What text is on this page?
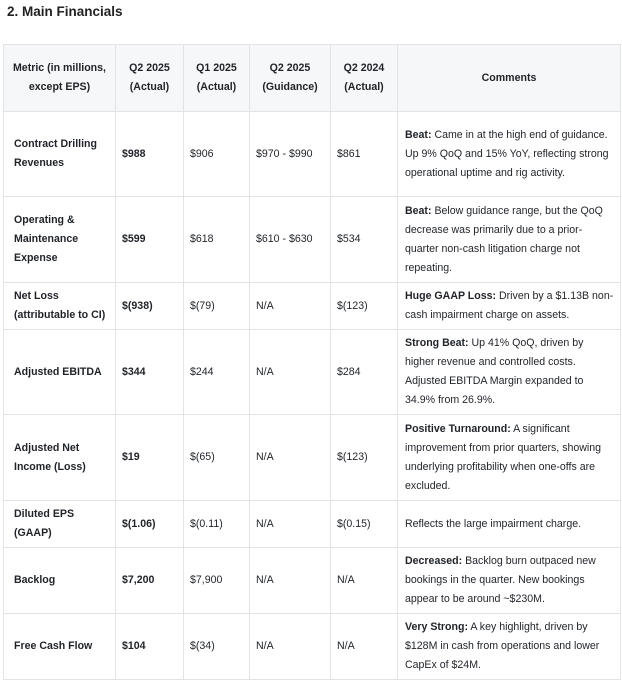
2. Main Financials
Metric (in millions, except EPS)	Q2 2025 (Actual)	Q1 2025 (Actual)	Q2 2025 (Guidance)	Q2 2024 (Actual)	Comments
Contract Drilling Revenues	$988	$906	$970 - $990	$861	Beat: Came in at the high end of guidance. Up 9% QoQ and 15% YoY, reflecting strong operational uptime and rig activity.
Operating & Maintenance Expense	$599	$618	$610 - $630	$534	Beat: Below guidance range, but the QoQ decrease was primarily due to a prior-quarter non-cash litigation charge not repeating.
Net Loss (attributable to CI)	$(938)	$(79)	N/A	$(123)	Huge GAAP Loss: Driven by a $1.13B non-cash impairment charge on assets.
Adjusted EBITDA	$344	$244	N/A	$284	Strong Beat: Up 41% QoQ, driven by higher revenue and controlled costs. Adjusted EBITDA Margin expanded to 34.9% from 26.9%.
Adjusted Net Income (Loss)	$19	$(65)	N/A	$(123)	Positive Turnaround: A significant improvement from prior quarters, showing underlying profitability when one-offs are excluded.
Diluted EPS (GAAP)	$(1.06)	$(0.11)	N/A	$(0.15)	Reflects the large impairment charge.
Backlog	$7,200	$7,900	N/A	N/A	Decreased: Backlog burn outpaced new bookings in the quarter. New bookings appear to be around ~$230M.
Free Cash Flow	$104	$(34)	N/A	N/A	Very Strong: A key highlight, driven by $128M in cash from operations and lower CapEx of $24M.
